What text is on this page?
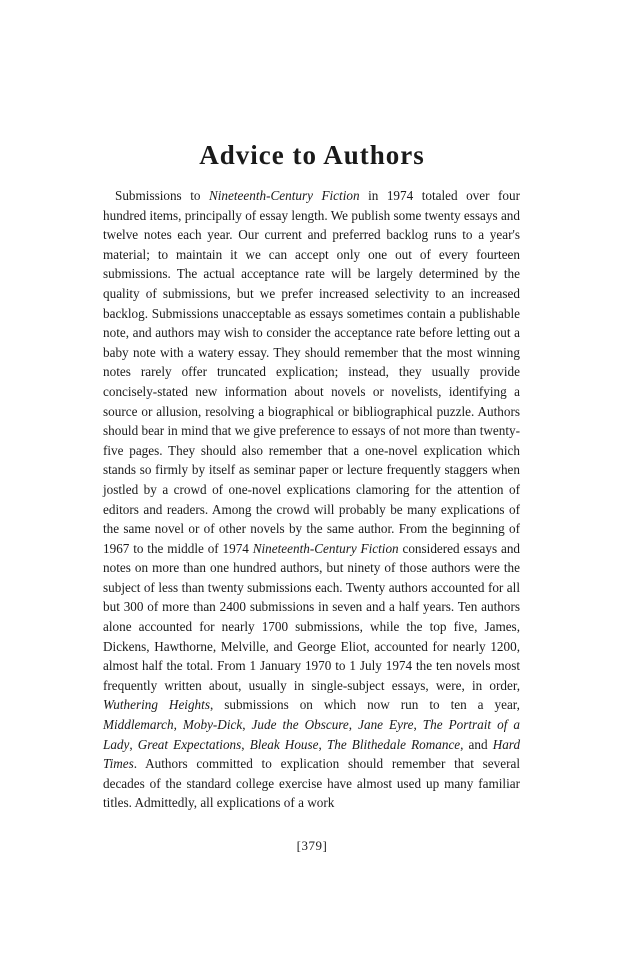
Advice to Authors

Submissions to Nineteenth-Century Fiction in 1974 totaled over four hundred items, principally of essay length. We publish some twenty essays and twelve notes each year. Our current and preferred backlog runs to a year's material; to maintain it we can accept only one out of every fourteen submissions. The actual acceptance rate will be largely determined by the quality of submissions, but we prefer increased selectivity to an increased backlog. Submissions unacceptable as essays sometimes contain a publishable note, and authors may wish to consider the acceptance rate before letting out a baby note with a watery essay. They should remember that the most winning notes rarely offer truncated explication; instead, they usually provide concisely-stated new information about novels or novelists, identifying a source or allusion, resolving a biographical or bibliographical puzzle. Authors should bear in mind that we give preference to essays of not more than twenty-five pages. They should also remember that a one-novel explication which stands so firmly by itself as seminar paper or lecture frequently staggers when jostled by a crowd of one-novel explications clamoring for the attention of editors and readers. Among the crowd will probably be many explications of the same novel or of other novels by the same author. From the beginning of 1967 to the middle of 1974 Nineteenth-Century Fiction considered essays and notes on more than one hundred authors, but ninety of those authors were the subject of less than twenty submissions each. Twenty authors accounted for all but 300 of more than 2400 submissions in seven and a half years. Ten authors alone accounted for nearly 1700 submissions, while the top five, James, Dickens, Hawthorne, Melville, and George Eliot, accounted for nearly 1200, almost half the total. From 1 January 1970 to 1 July 1974 the ten novels most frequently written about, usually in single-subject essays, were, in order, Wuthering Heights, submissions on which now run to ten a year, Middlemarch, Moby-Dick, Jude the Obscure, Jane Eyre, The Portrait of a Lady, Great Expectations, Bleak House, The Blithedale Romance, and Hard Times. Authors committed to explication should remember that several decades of the standard college exercise have almost used up many familiar titles. Admittedly, all explications of a work

[379]
